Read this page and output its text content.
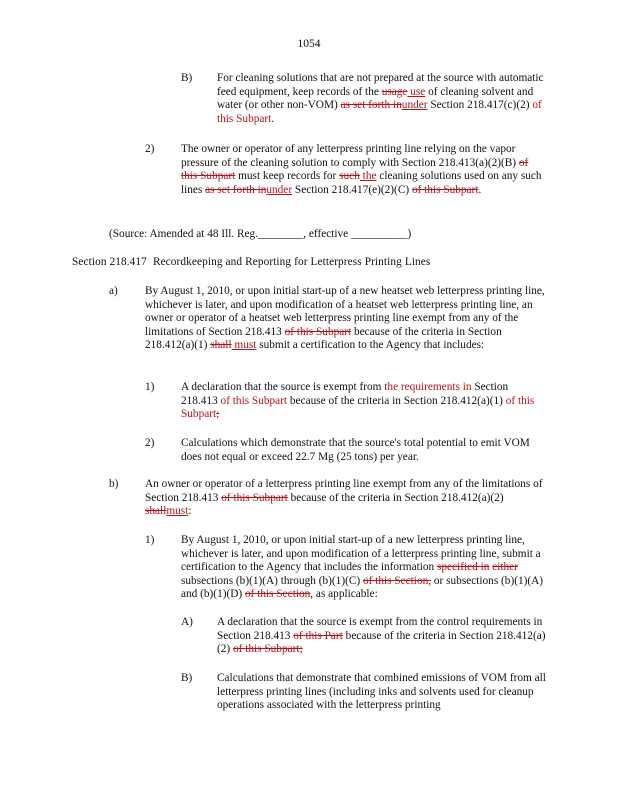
1054
B) For cleaning solutions that are not prepared at the source with automatic feed equipment, keep records of the usage use of cleaning solvent and water (or other non-VOM) as set forth inunder Section 218.417(c)(2) of this Subpart.
2) The owner or operator of any letterpress printing line relying on the vapor pressure of the cleaning solution to comply with Section 218.413(a)(2)(B) of this Subpart must keep records for such the cleaning solutions used on any such lines as set forth inunder Section 218.417(e)(2)(C) of this Subpart.
(Source: Amended at 48 Ill. Reg.________, effective __________)
Section 218.417 Recordkeeping and Reporting for Letterpress Printing Lines
a) By August 1, 2010, or upon initial start-up of a new heatset web letterpress printing line, whichever is later, and upon modification of a heatset web letterpress printing line, an owner or operator of a heatset web letterpress printing line exempt from any of the limitations of Section 218.413 of this Subpart because of the criteria in Section 218.412(a)(1) shall must submit a certification to the Agency that includes:
1) A declaration that the source is exempt from the requirements in Section 218.413 of this Subpart because of the criteria in Section 218.412(a)(1) of this Subpart;
2) Calculations which demonstrate that the source's total potential to emit VOM does not equal or exceed 22.7 Mg (25 tons) per year.
b) An owner or operator of a letterpress printing line exempt from any of the limitations of Section 218.413 of this Subpart because of the criteria in Section 218.412(a)(2) shallmust:
1) By August 1, 2010, or upon initial start-up of a new letterpress printing line, whichever is later, and upon modification of a letterpress printing line, submit a certification to the Agency that includes the information specified in either subsections (b)(1)(A) through (b)(1)(C) of this Section, or subsections (b)(1)(A) and (b)(1)(D) of this Section, as applicable:
A) A declaration that the source is exempt from the control requirements in Section 218.413 of this Part because of the criteria in Section 218.412(a)(2) of this Subpart;
B) Calculations that demonstrate that combined emissions of VOM from all letterpress printing lines (including inks and solvents used for cleanup operations associated with the letterpress printing
